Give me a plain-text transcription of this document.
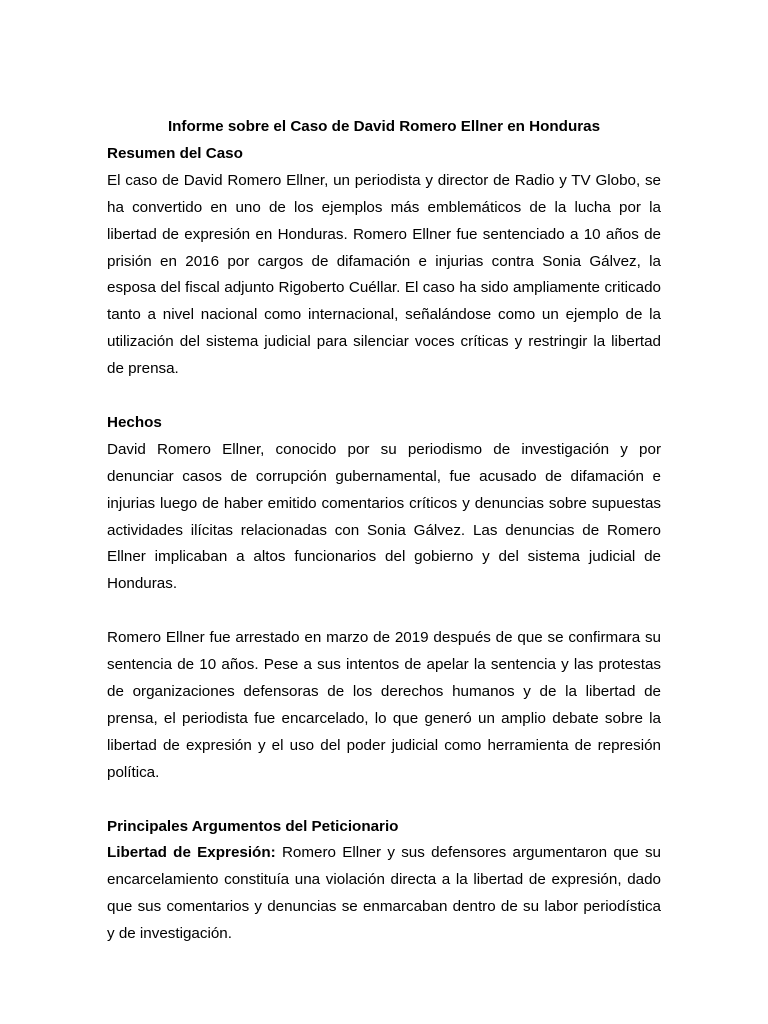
Informe sobre el Caso de David Romero Ellner en Honduras

Resumen del Caso

El caso de David Romero Ellner, un periodista y director de Radio y TV Globo, se ha convertido en uno de los ejemplos más emblemáticos de la lucha por la libertad de expresión en Honduras. Romero Ellner fue sentenciado a 10 años de prisión en 2016 por cargos de difamación e injurias contra Sonia Gálvez, la esposa del fiscal adjunto Rigoberto Cuéllar. El caso ha sido ampliamente criticado tanto a nivel nacional como internacional, señalándose como un ejemplo de la utilización del sistema judicial para silenciar voces críticas y restringir la libertad de prensa.

Hechos

David Romero Ellner, conocido por su periodismo de investigación y por denunciar casos de corrupción gubernamental, fue acusado de difamación e injurias luego de haber emitido comentarios críticos y denuncias sobre supuestas actividades ilícitas relacionadas con Sonia Gálvez. Las denuncias de Romero Ellner implicaban a altos funcionarios del gobierno y del sistema judicial de Honduras.

Romero Ellner fue arrestado en marzo de 2019 después de que se confirmara su sentencia de 10 años. Pese a sus intentos de apelar la sentencia y las protestas de organizaciones defensoras de los derechos humanos y de la libertad de prensa, el periodista fue encarcelado, lo que generó un amplio debate sobre la libertad de expresión y el uso del poder judicial como herramienta de represión política.

Principales Argumentos del Peticionario

Libertad de Expresión: Romero Ellner y sus defensores argumentaron que su encarcelamiento constituía una violación directa a la libertad de expresión, dado que sus comentarios y denuncias se enmarcaban dentro de su labor periodística y de investigación.
